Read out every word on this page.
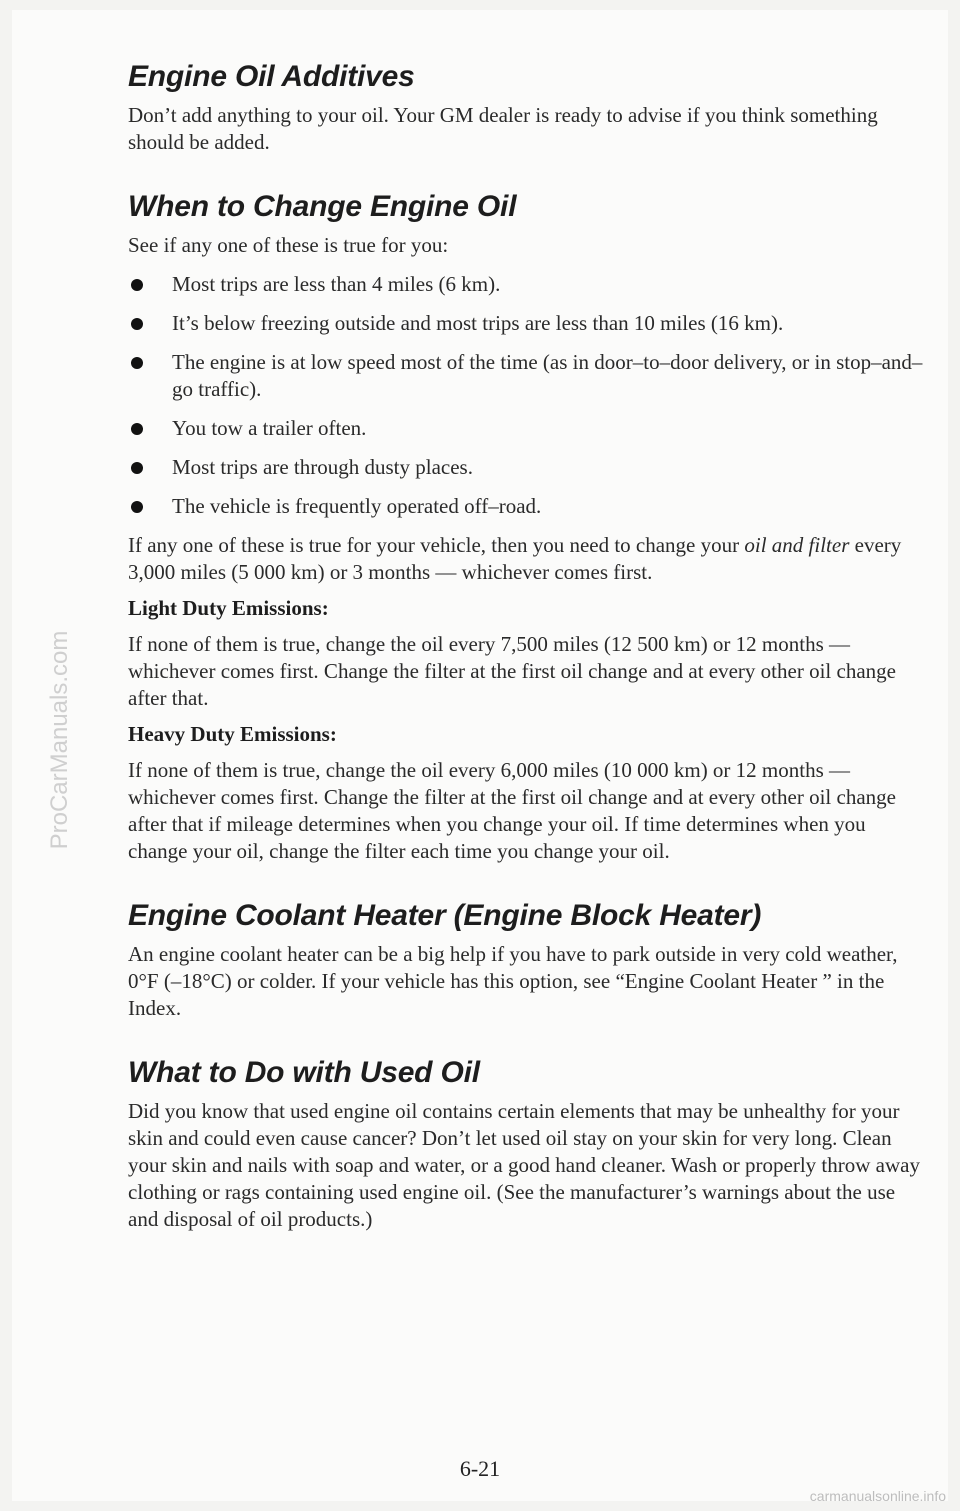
ProCarManuals.com
Engine Oil Additives

Don’t add anything to your oil. Your GM dealer is ready to advise if you think something should be added.

When to Change Engine Oil

See if any one of these is true for you:

Most trips are less than 4 miles (6 km).
It’s below freezing outside and most trips are less than 10 miles (16 km).
The engine is at low speed most of the time (as in door–to–door delivery, or in stop–and–go traffic).
You tow a trailer often.
Most trips are through dusty places.
The vehicle is frequently operated off–road.

If any one of these is true for your vehicle, then you need to change your oil and filter every 3,000 miles (5 000 km) or 3 months — whichever comes first.

Light Duty Emissions:

If none of them is true, change the oil every 7,500 miles (12 500 km) or 12 months — whichever comes first. Change the filter at the first oil change and at every other oil change after that.

Heavy Duty Emissions:

If none of them is true, change the oil every 6,000 miles (10 000 km) or 12 months — whichever comes first. Change the filter at the first oil change and at every other oil change after that if mileage determines when you change your oil. If time determines when you change your oil, change the filter each time you change your oil.

Engine Coolant Heater (Engine Block Heater)

An engine coolant heater can be a big help if you have to park outside in very cold weather, 0°F (–18°C) or colder. If your vehicle has this option, see “Engine Coolant Heater ” in the Index.

What to Do with Used Oil

Did you know that used engine oil contains certain elements that may be unhealthy for your skin and could even cause cancer? Don’t let used oil stay on your skin for very long. Clean your skin and nails with soap and water, or a good hand cleaner. Wash or properly throw away clothing or rags containing used engine oil. (See the manufacturer’s warnings about the use and disposal of oil products.)

6-21
carmanualsonline.info
